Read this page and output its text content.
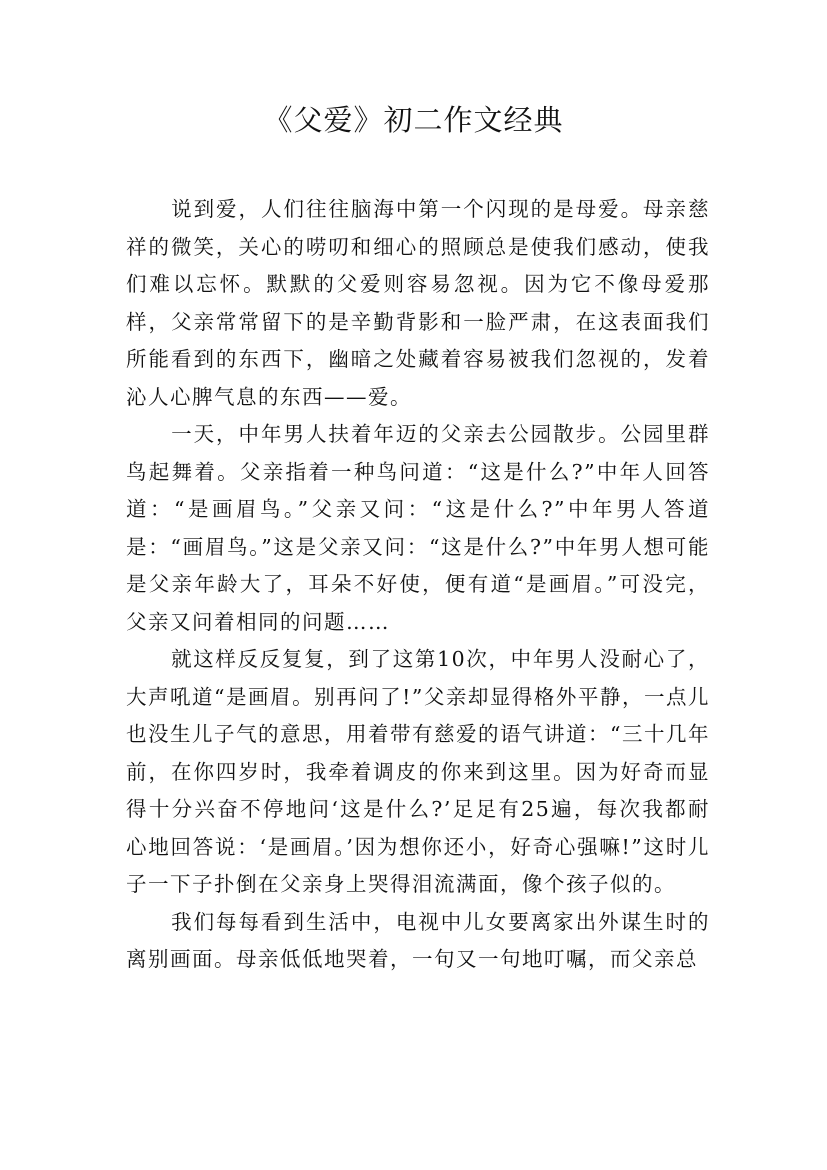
《父爱》初二作文经典

说到爱，人们往往脑海中第一个闪现的是母爱。母亲慈祥的微笑，关心的唠叨和细心的照顾总是使我们感动，使我们难以忘怀。默默的父爱则容易忽视。因为它不像母爱那样，父亲常常留下的是辛勤背影和一脸严肃，在这表面我们所能看到的东西下，幽暗之处藏着容易被我们忽视的，发着沁人心脾气息的东西——爱。

一天，中年男人扶着年迈的父亲去公园散步。公园里群鸟起舞着。父亲指着一种鸟问道：“这是什么?”中年人回答道：“是画眉鸟。”父亲又问：“这是什么?”中年男人答道是：“画眉鸟。”这是父亲又问：“这是什么?”中年男人想可能是父亲年龄大了，耳朵不好使，便有道“是画眉。”可没完，父亲又问着相同的问题……

就这样反反复复，到了这第10次，中年男人没耐心了，大声吼道“是画眉。别再问了!”父亲却显得格外平静，一点儿也没生儿子气的意思，用着带有慈爱的语气讲道：“三十几年前，在你四岁时，我牵着调皮的你来到这里。因为好奇而显得十分兴奋不停地问‘这是什么?’足足有25遍，每次我都耐心地回答说：‘是画眉。’因为想你还小，好奇心强嘛!”这时儿子一下子扑倒在父亲身上哭得泪流满面，像个孩子似的。

我们每每看到生活中，电视中儿女要离家出外谋生时的离别画面。母亲低低地哭着，一句又一句地叮嘱，而父亲总
